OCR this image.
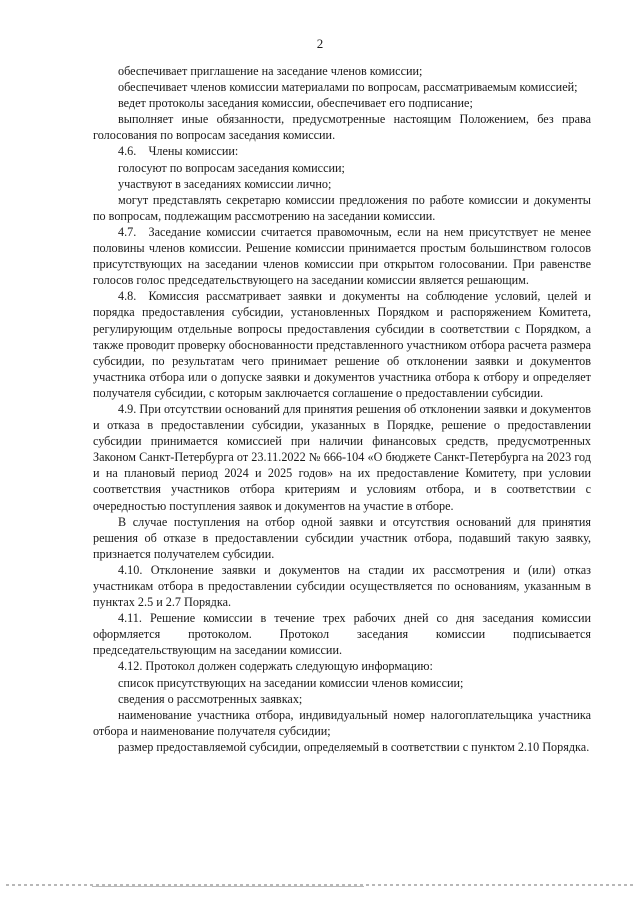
2

обеспечивает приглашение на заседание членов комиссии;

обеспечивает членов комиссии материалами по вопросам, рассматриваемым комиссией;

ведет протоколы заседания комиссии, обеспечивает его подписание;

выполняет иные обязанности, предусмотренные настоящим Положением, без права голосования по вопросам заседания комиссии.

4.6. Члены комиссии:

голосуют по вопросам заседания комиссии;

участвуют в заседаниях комиссии лично;

могут представлять секретарю комиссии предложения по работе комиссии и документы по вопросам, подлежащим рассмотрению на заседании комиссии.

4.7. Заседание комиссии считается правомочным, если на нем присутствует не менее половины членов комиссии. Решение комиссии принимается простым большинством голосов присутствующих на заседании членов комиссии при открытом голосовании. При равенстве голосов голос председательствующего на заседании комиссии является решающим.

4.8. Комиссия рассматривает заявки и документы на соблюдение условий, целей и порядка предоставления субсидии, установленных Порядком и распоряжением Комитета, регулирующим отдельные вопросы предоставления субсидии в соответствии с Порядком, а также проводит проверку обоснованности представленного участником отбора расчета размера субсидии, по результатам чего принимает решение об отклонении заявки и документов участника отбора или о допуске заявки и документов участника отбора к отбору и определяет получателя субсидии, с которым заключается соглашение о предоставлении субсидии.

4.9. При отсутствии оснований для принятия решения об отклонении заявки и документов и отказа в предоставлении субсидии, указанных в Порядке, решение о предоставлении субсидии принимается комиссией при наличии финансовых средств, предусмотренных Законом Санкт-Петербурга от 23.11.2022 № 666-104 «О бюджете Санкт-Петербурга на 2023 год и на плановый период 2024 и 2025 годов» на их предоставление Комитету, при условии соответствия участников отбора критериям и условиям отбора, и в соответствии с очередностью поступления заявок и документов на участие в отборе.

В случае поступления на отбор одной заявки и отсутствия оснований для принятия решения об отказе в предоставлении субсидии участник отбора, подавший такую заявку, признается получателем субсидии.

4.10. Отклонение заявки и документов на стадии их рассмотрения и (или) отказ участникам отбора в предоставлении субсидии осуществляется по основаниям, указанным в пунктах 2.5 и 2.7 Порядка.

4.11. Решение комиссии в течение трех рабочих дней со дня заседания комиссии оформляется протоколом. Протокол заседания комиссии подписывается председательствующим на заседании комиссии.

4.12. Протокол должен содержать следующую информацию:

список присутствующих на заседании комиссии членов комиссии;

сведения о рассмотренных заявках;

наименование участника отбора, индивидуальный номер налогоплательщика участника отбора и наименование получателя субсидии;

размер предоставляемой субсидии, определяемый в соответствии с пунктом 2.10 Порядка.
